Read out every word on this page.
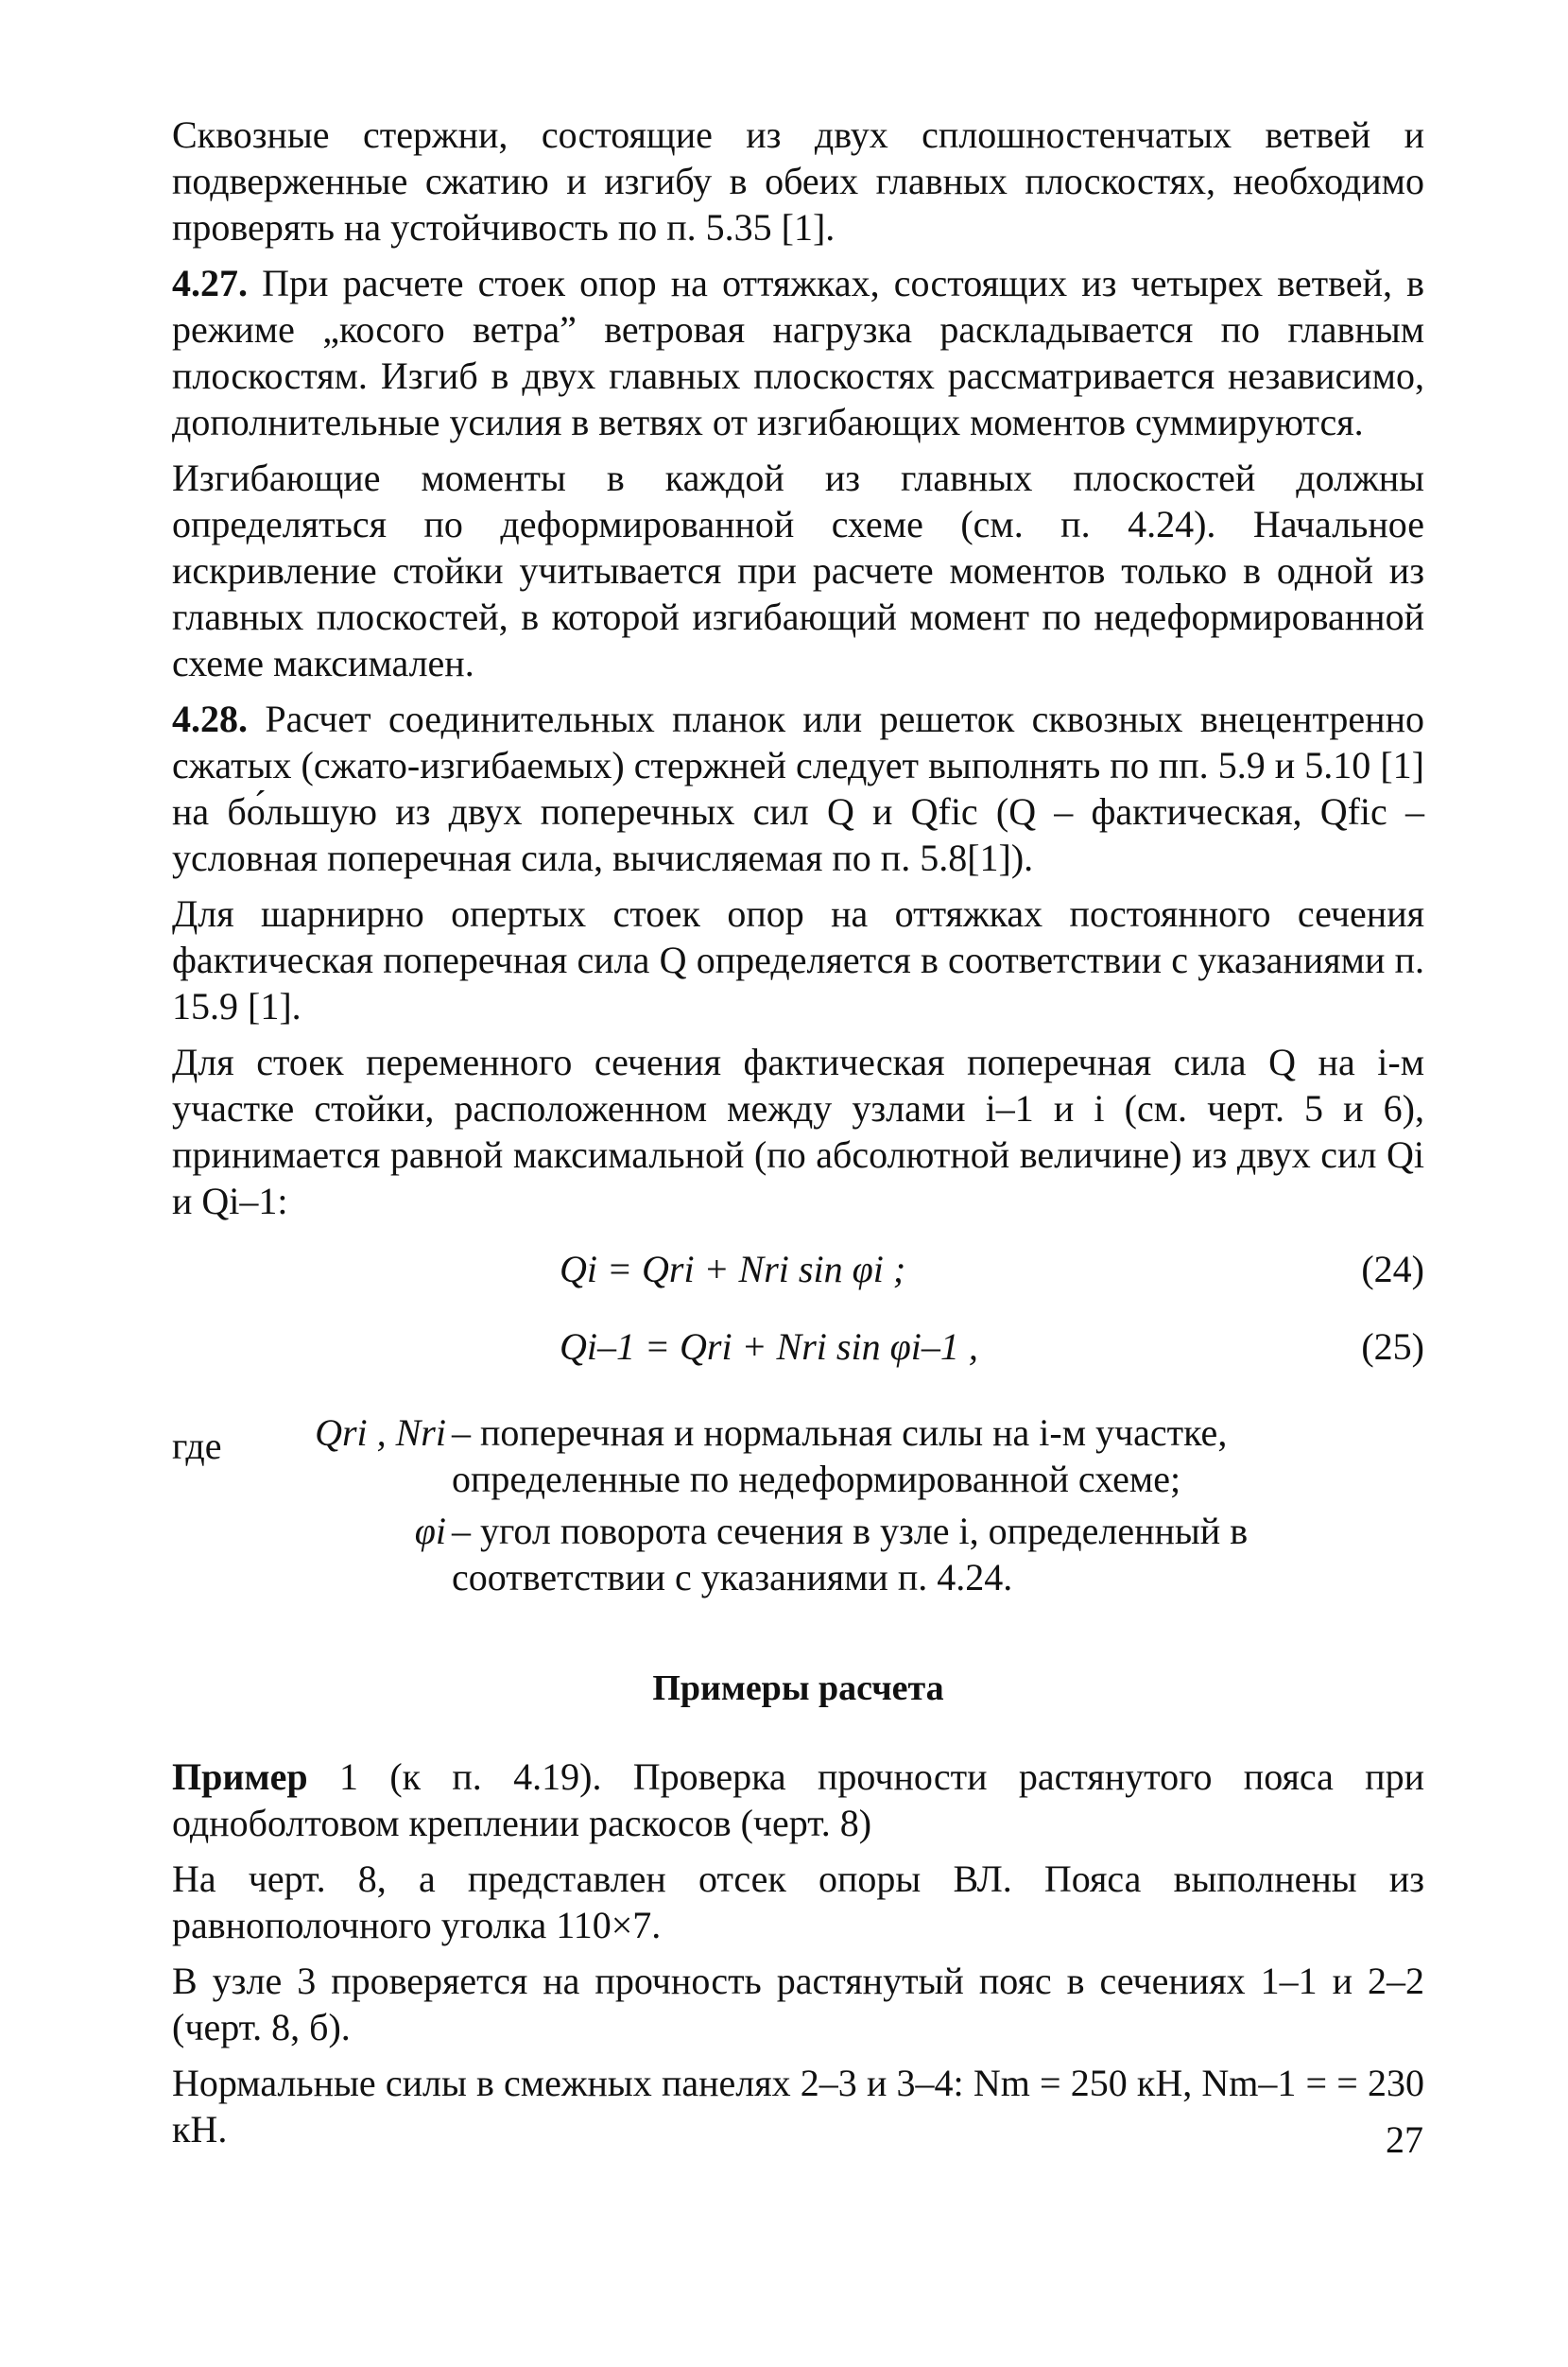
Сквозные стержни, состоящие из двух сплошностенчатых ветвей и подверженные сжатию и изгибу в обеих главных плоскостях, необходимо проверять на устойчивость по п. 5.35 [1].

4.27. При расчете стоек опор на оттяжках, состоящих из четырех ветвей, в режиме „косого ветра” ветровая нагрузка раскладывается по главным плоскостям. Изгиб в двух главных плоскостях рассматривается независимо, дополнительные усилия в ветвях от изгибающих моментов суммируются.

Изгибающие моменты в каждой из главных плоскостей должны определяться по деформированной схеме (см. п. 4.24). Начальное искривление стойки учитывается при расчете моментов только в одной из главных плоскостей, в которой изгибающий момент по недеформированной схеме максимален.

4.28. Расчет соединительных планок или решеток сквозных внецентренно сжатых (сжато-изгибаемых) стержней следует выполнять по пп. 5.9 и 5.10 [1] на бо́льшую из двух поперечных сил Q и Qfic (Q – фактическая, Qfic – условная поперечная сила, вычисляемая по п. 5.8[1]).

Для шарнирно опертых стоек опор на оттяжках постоянного сечения фактическая поперечная сила Q определяется в соответствии с указаниями п. 15.9 [1].

Для стоек переменного сечения фактическая поперечная сила Q на i-м участке стойки, расположенном между узлами i–1 и i (см. черт. 5 и 6), принимается равной максимальной (по абсолютной величине) из двух сил Qi и Qi–1:

Qi = Qri + Nri sin φi ;	(24)
Qi–1 = Qri + Nri sin φi–1 ,	(25)
где	Qri , Nri – поперечная и нормальная силы на i-м участке, определенные по недеформированной схеме;
φi – угол поворота сечения в узле i, определенный в соответствии с указаниями п. 4.24.
Примеры расчета

Пример 1 (к п. 4.19). Проверка прочности растянутого пояса при однoболтовом креплении раскосов (черт. 8)

На черт. 8, а представлен отсек опоры ВЛ. Пояса выполнены из равнополочного уголка 110×7.

В узле 3 проверяется на прочность растянутый пояс в сечениях 1–1 и 2–2 (черт. 8, б).

Нормальные силы в смежных панелях 2–3 и 3–4: Nm = 250 кН, Nm–1 = = 230 кН.	27
